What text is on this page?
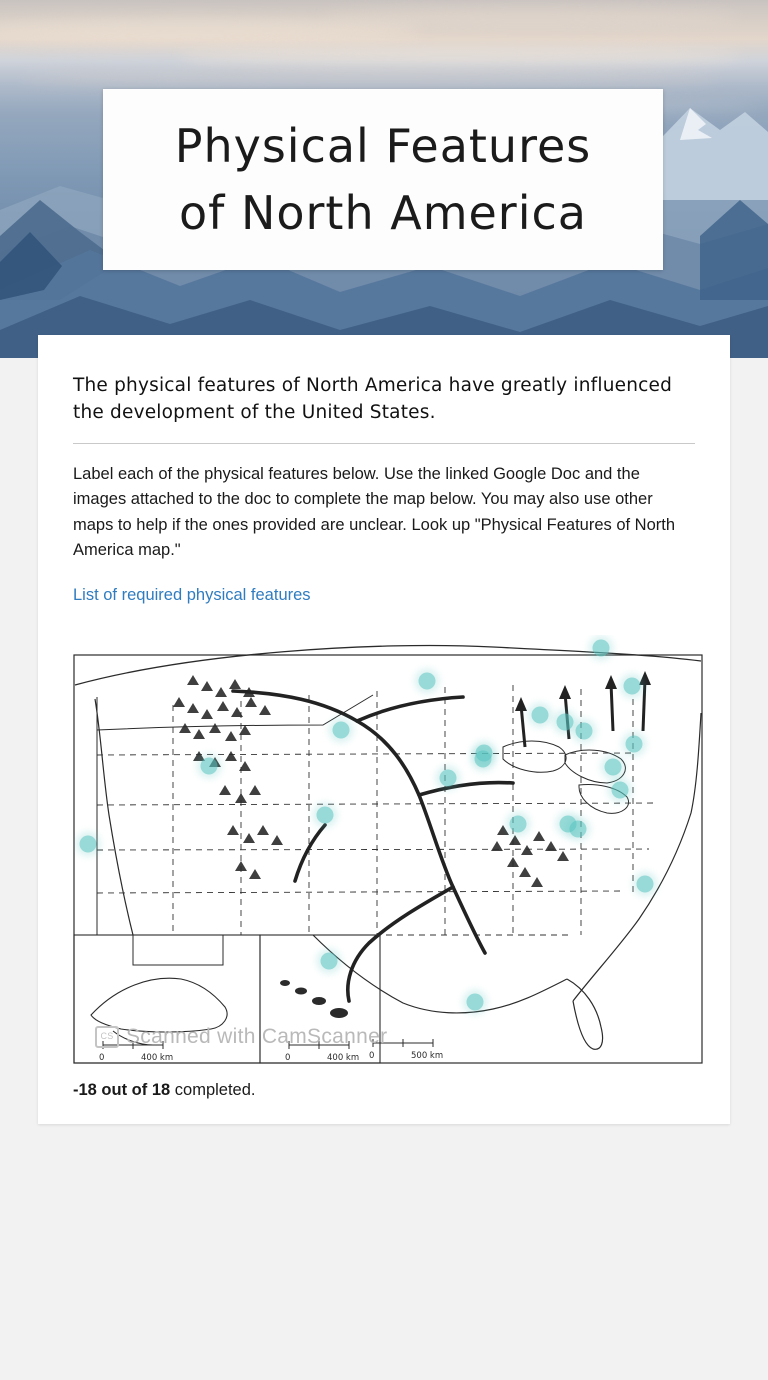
Physical Features
of North America

The physical features of North America have greatly influenced the development of the United States.

Label each of the physical features below. Use the linked Google Doc and the images attached to the doc to complete the map below. You may also use other maps to help if the ones provided are unclear. Look up "Physical Features of North America map."

List of required physical features
0	400 km	0	400 km 0	500 km
CS Scanned with CamScanner

-18 out of 18 completed.
